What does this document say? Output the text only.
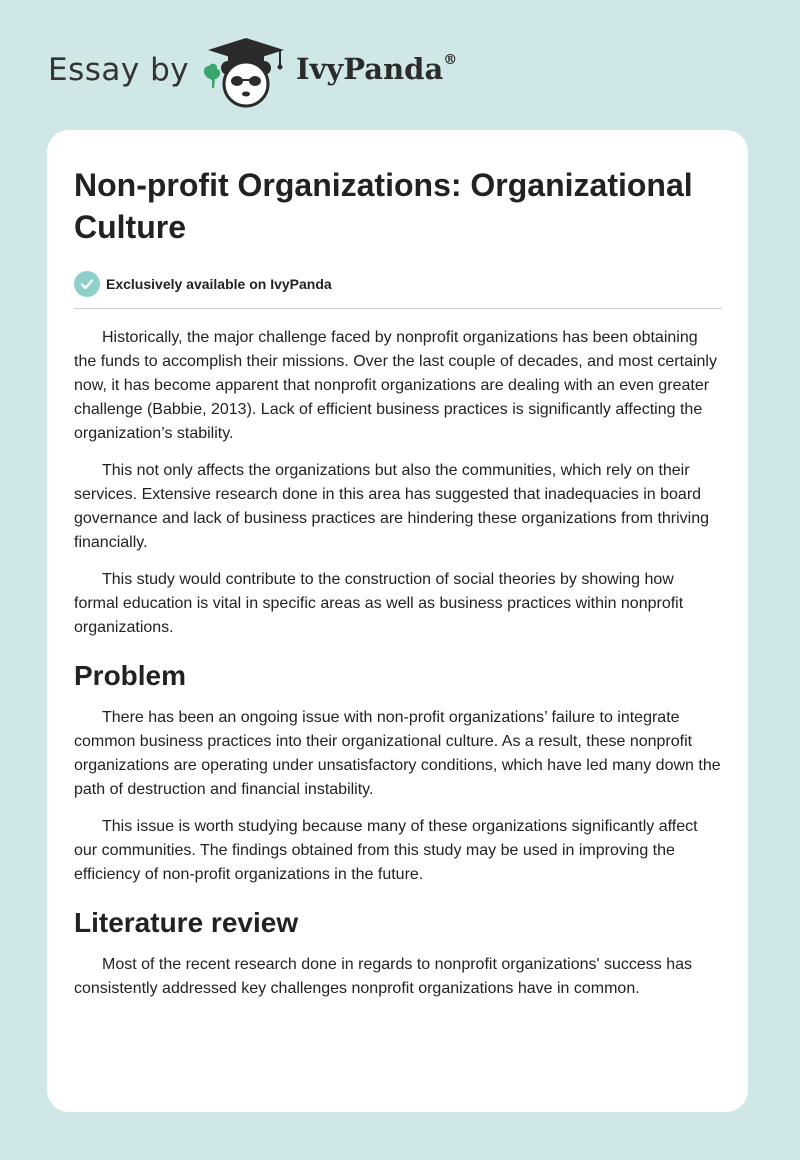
Essay by	IvyPanda®
Non-profit Organizations: Organizational Culture
Exclusively available on IvyPanda

Historically, the major challenge faced by nonprofit organizations has been obtaining the funds to accomplish their missions. Over the last couple of decades, and most certainly now, it has become apparent that nonprofit organizations are dealing with an even greater challenge (Babbie, 2013). Lack of efficient business practices is significantly affecting the organization’s stability.

This not only affects the organizations but also the communities, which rely on their services. Extensive research done in this area has suggested that inadequacies in board governance and lack of business practices are hindering these organizations from thriving financially.

This study would contribute to the construction of social theories by showing how formal education is vital in specific areas as well as business practices within nonprofit organizations.

Problem

There has been an ongoing issue with non-profit organizations’ failure to integrate common business practices into their organizational culture. As a result, these nonprofit organizations are operating under unsatisfactory conditions, which have led many down the path of destruction and financial instability.

This issue is worth studying because many of these organizations significantly affect our communities. The findings obtained from this study may be used in improving the efficiency of non-profit organizations in the future.

Literature review

Most of the recent research done in regards to nonprofit organizations' success has consistently addressed key challenges nonprofit organizations have in common.
